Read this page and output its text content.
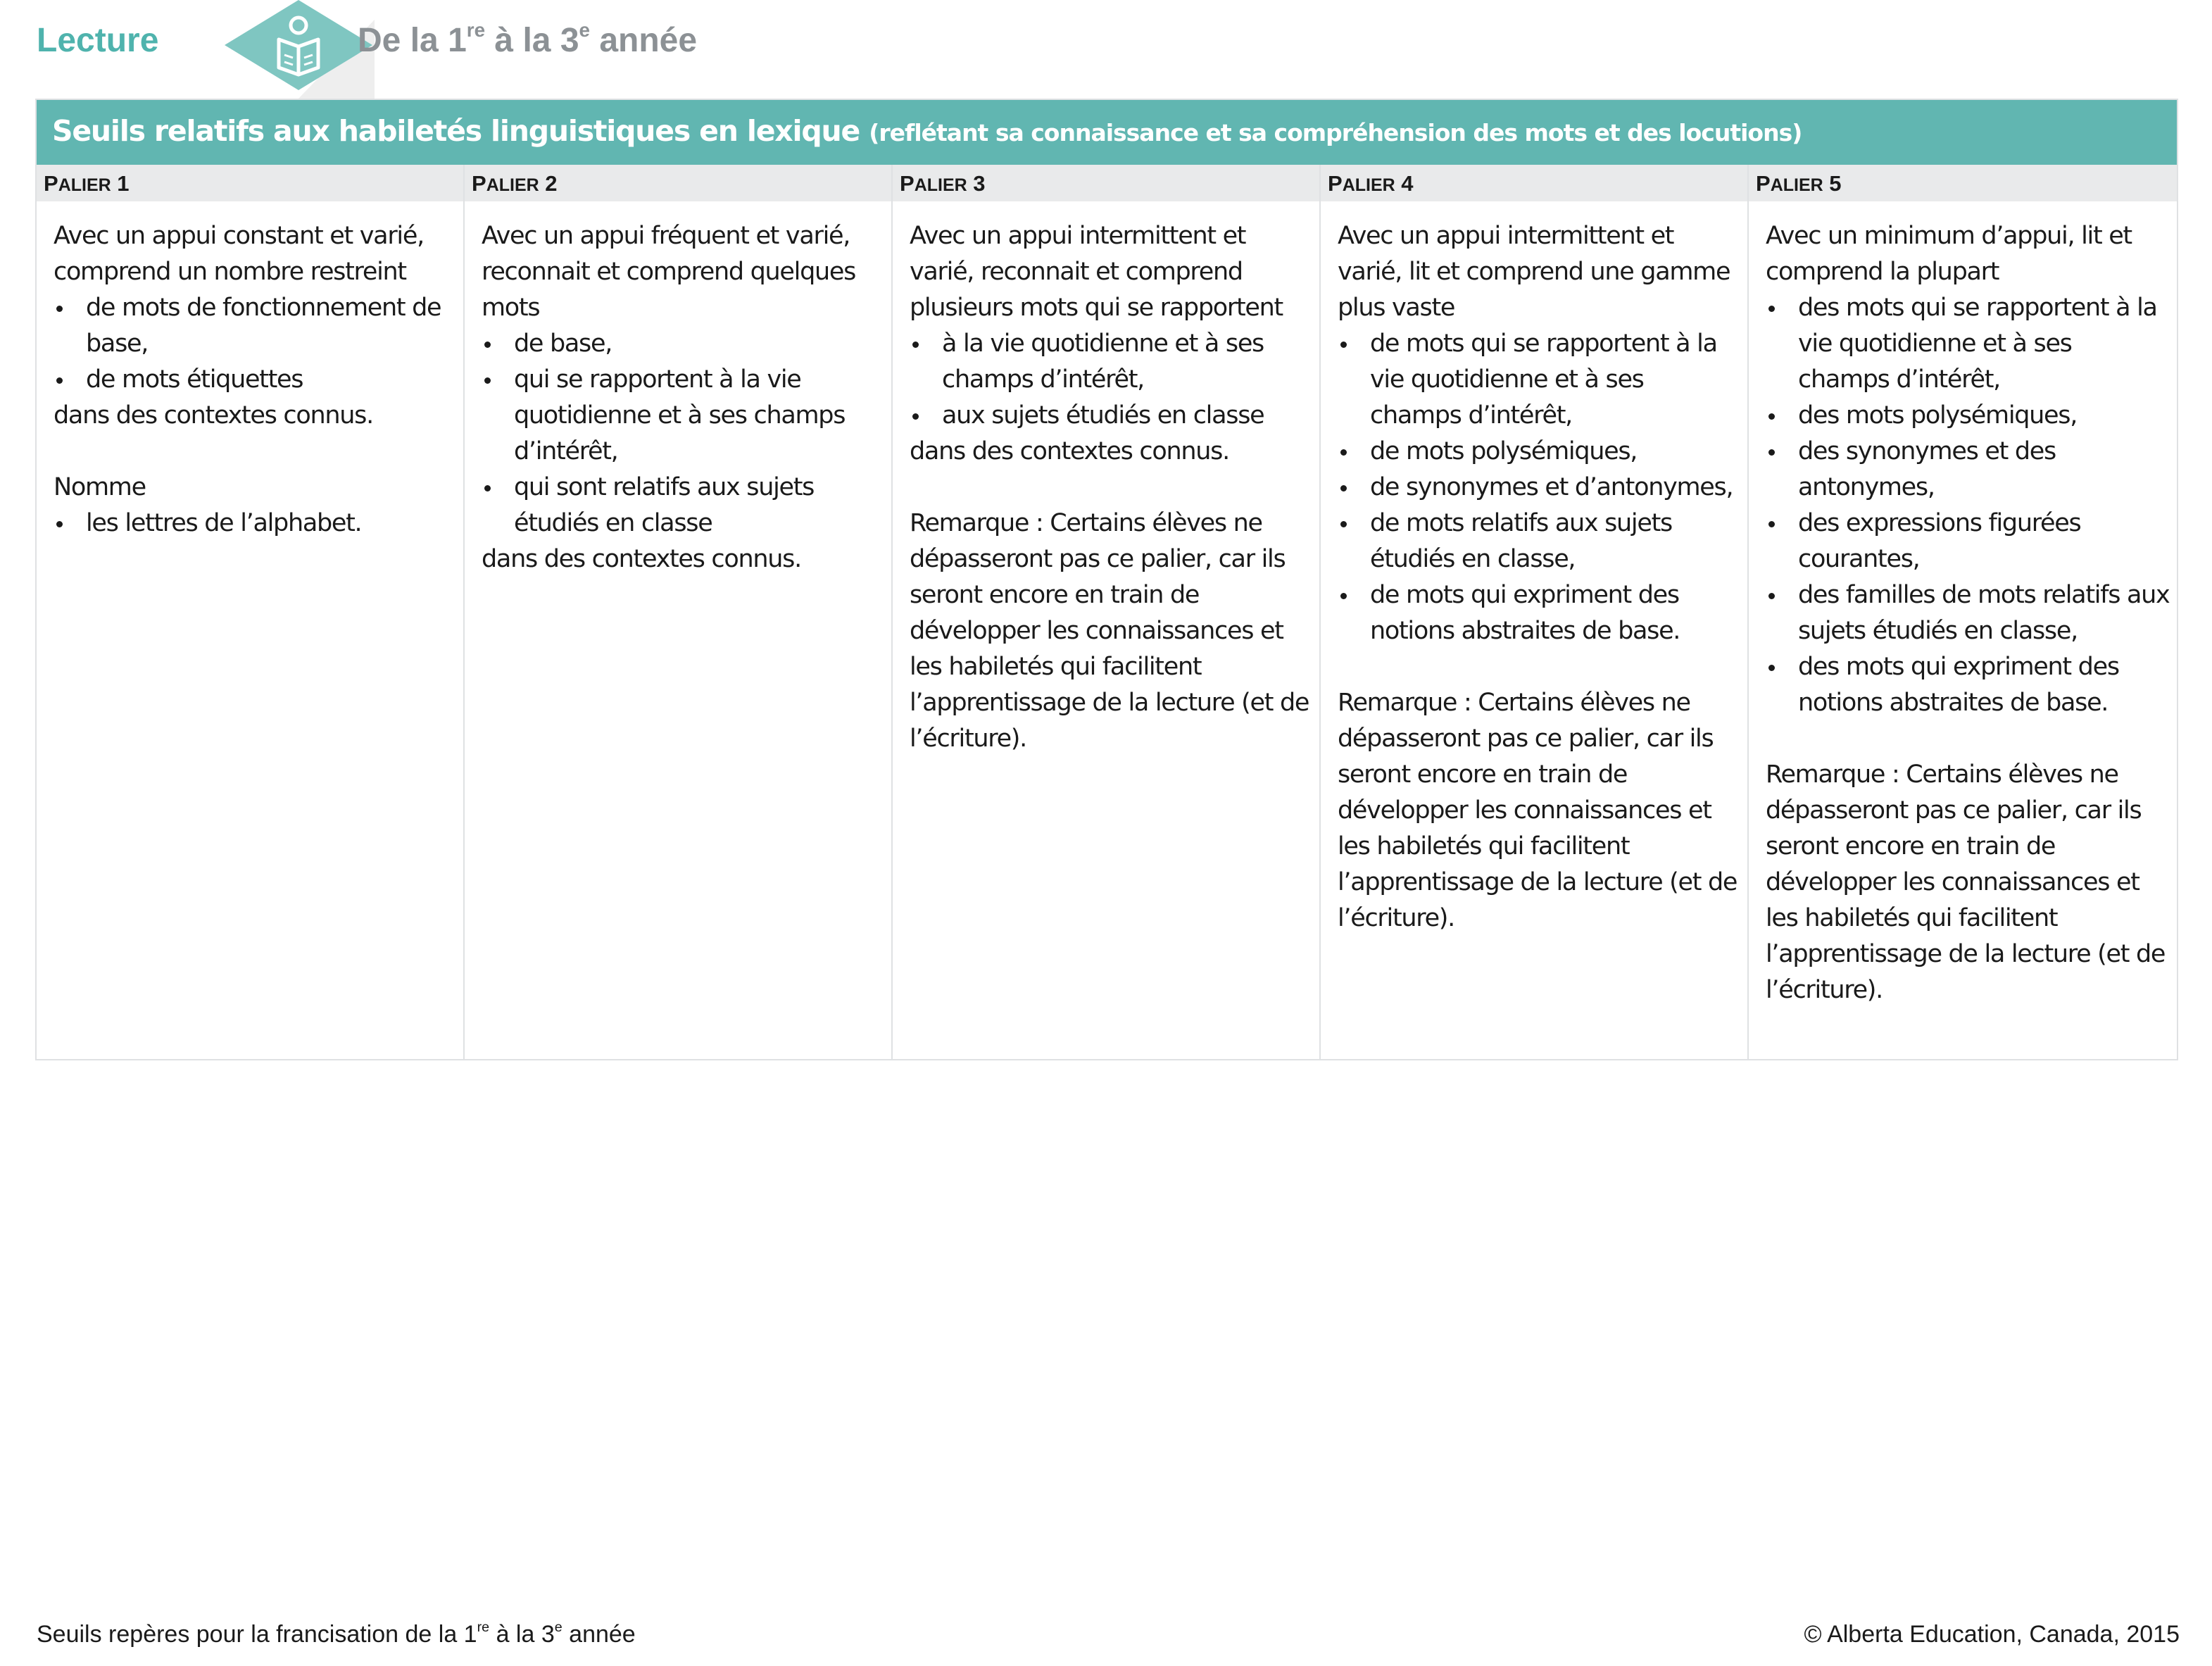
Lecture	De la 1re à la 3e année
Seuils relatifs aux habiletés linguistiques en lexique (reflétant sa connaissance et sa compréhension des mots et des locutions)
PALIER 1

Avec un appui constant et varié, comprend un nombre restreint

de mots de fonctionnement de base,
de mots étiquettes

dans des contextes connus.

Nomme

les lettres de l’alphabet.
PALIER 2

Avec un appui fréquent et varié, reconnait et comprend quelques mots

de base,
qui se rapportent à la vie quotidienne et à ses champs d’intérêt,
qui sont relatifs aux sujets étudiés en classe

dans des contextes connus.

PALIER 3

Avec un appui intermittent et varié, reconnait et comprend plusieurs mots qui se rapportent

à la vie quotidienne et à ses champs d’intérêt,
aux sujets étudiés en classe

dans des contextes connus.

Remarque : Certains élèves ne dépasseront pas ce palier, car ils seront encore en train de développer les connaissances et les habiletés qui facilitent l’apprentissage de la lecture (et de l’écriture).

PALIER 4

Avec un appui intermittent et varié, lit et comprend une gamme plus vaste

de mots qui se rapportent à la vie quotidienne et à ses champs d’intérêt,
de mots polysémiques,
de synonymes et d’antonymes,
de mots relatifs aux sujets étudiés en classe,
de mots qui expriment des notions abstraites de base.

Remarque : Certains élèves ne dépasseront pas ce palier, car ils seront encore en train de développer les connaissances et les habiletés qui facilitent l’apprentissage de la lecture (et de l’écriture).

PALIER 5

Avec un minimum d’appui, lit et comprend la plupart

des mots qui se rapportent à la vie quotidienne et à ses champs d’intérêt,
des mots polysémiques,
des synonymes et des antonymes,
des expressions figurées courantes,
des familles de mots relatifs aux sujets étudiés en classe,
des mots qui expriment des notions abstraites de base.

Remarque : Certains élèves ne dépasseront pas ce palier, car ils seront encore en train de développer les connaissances et les habiletés qui facilitent l’apprentissage de la lecture (et de l’écriture).

Seuils repères pour la francisation de la 1re à la 3e année	© Alberta Education, Canada, 2015
